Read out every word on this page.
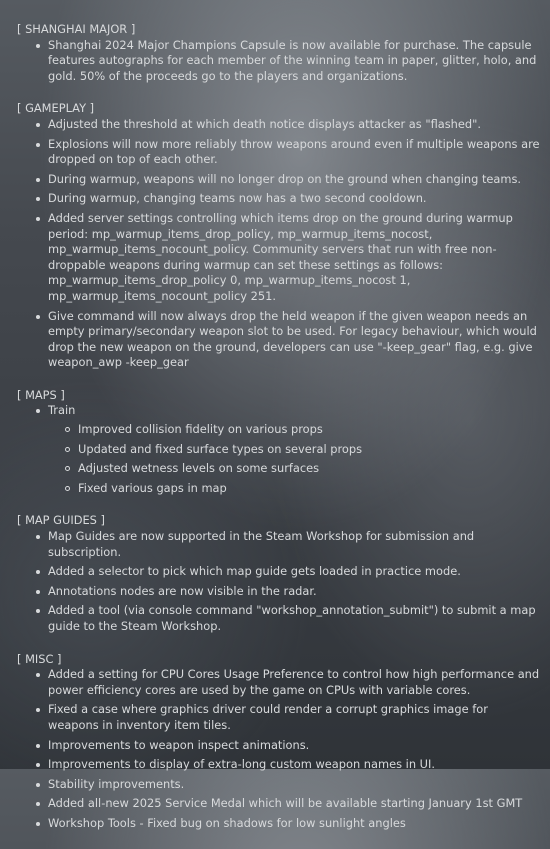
[ SHANGHAI MAJOR ]
Shanghai 2024 Major Champions Capsule is now available for purchase. The capsule features autographs for each member of the winning team in paper, glitter, holo, and gold. 50% of the proceeds go to the players and organizations.
[ GAMEPLAY ]
Adjusted the threshold at which death notice displays attacker as "flashed".
Explosions will now more reliably throw weapons around even if multiple weapons are dropped on top of each other.
During warmup, weapons will no longer drop on the ground when changing teams.
During warmup, changing teams now has a two second cooldown.
Added server settings controlling which items drop on the ground during warmup period: mp_warmup_items_drop_policy, mp_warmup_items_nocost, mp_warmup_items_nocount_policy. Community servers that run with free non-droppable weapons during warmup can set these settings as follows: mp_warmup_items_drop_policy 0, mp_warmup_items_nocost 1, mp_warmup_items_nocount_policy 251.
Give command will now always drop the held weapon if the given weapon needs an empty primary/secondary weapon slot to be used. For legacy behaviour, which would drop the new weapon on the ground, developers can use "-keep_gear" flag, e.g. give weapon_awp -keep_gear
[ MAPS ]
Train
Improved collision fidelity on various props
Updated and fixed surface types on several props
Adjusted wetness levels on some surfaces
Fixed various gaps in map
[ MAP GUIDES ]
Map Guides are now supported in the Steam Workshop for submission and subscription.
Added a selector to pick which map guide gets loaded in practice mode.
Annotations nodes are now visible in the radar.
Added a tool (via console command "workshop_annotation_submit") to submit a map guide to the Steam Workshop.
[ MISC ]
Added a setting for CPU Cores Usage Preference to control how high performance and power efficiency cores are used by the game on CPUs with variable cores.
Fixed a case where graphics driver could render a corrupt graphics image for weapons in inventory item tiles.
Improvements to weapon inspect animations.
Improvements to display of extra-long custom weapon names in UI.
Stability improvements.
Added all-new 2025 Service Medal which will be available starting January 1st GMT
Workshop Tools - Fixed bug on shadows for low sunlight angles
